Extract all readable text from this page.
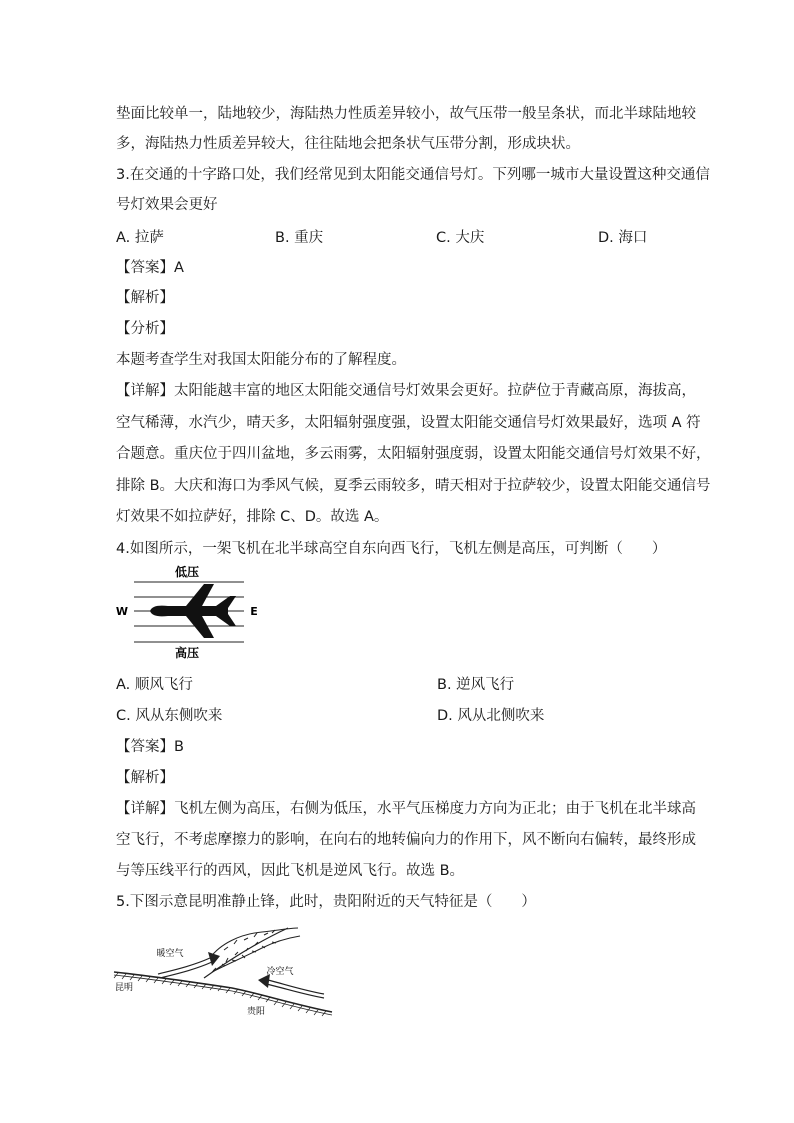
垫面比较单一，陆地较少，海陆热力性质差异较小，故气压带一般呈条状，而北半球陆地较
多，海陆热力性质差异较大，往往陆地会把条状气压带分割，形成块状。
3.在交通的十字路口处，我们经常见到太阳能交通信号灯。下列哪一城市大量设置这种交通信
号灯效果会更好
A. 拉萨	B. 重庆	C. 大庆	D. 海口
【答案】A
【解析】
【分析】
本题考查学生对我国太阳能分布的了解程度。
【详解】太阳能越丰富的地区太阳能交通信号灯效果会更好。拉萨位于青藏高原，海拔高，
空气稀薄，水汽少，晴天多，太阳辐射强度强，设置太阳能交通信号灯效果最好，选项 A 符
合题意。重庆位于四川盆地，多云雨雾，太阳辐射强度弱，设置太阳能交通信号灯效果不好，
排除 B。大庆和海口为季风气候，夏季云雨较多，晴天相对于拉萨较少，设置太阳能交通信号
灯效果不如拉萨好，排除 C、D。故选 A。
4.如图所示，一架飞机在北半球高空自东向西飞行，飞机左侧是高压，可判断（　　）
低压
W	E
高压
A. 顺风飞行	B. 逆风飞行
C. 风从东侧吹来	D. 风从北侧吹来
【答案】B
【解析】
【详解】飞机左侧为高压，右侧为低压，水平气压梯度力方向为正北；由于飞机在北半球高
空飞行，不考虑摩擦力的影响，在向右的地转偏向力的作用下，风不断向右偏转，最终形成
与等压线平行的西风，因此飞机是逆风飞行。故选 B。
5.下图示意昆明准静止锋，此时，贵阳附近的天气特征是（　　）
暖空气
冷空气
昆明
贵阳
